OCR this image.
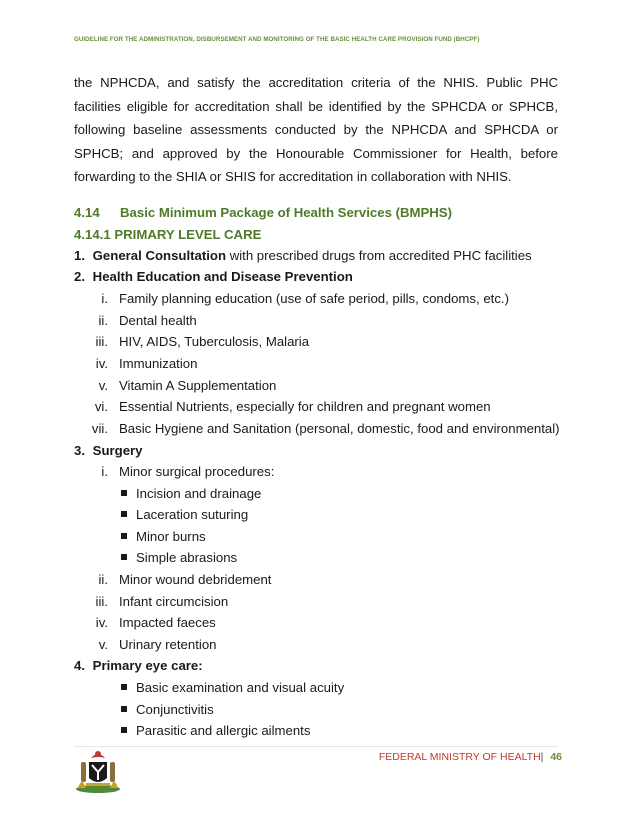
GUIDELINE FOR THE ADMINISTRATION, DISBURSEMENT AND MONITORING OF THE BASIC HEALTH CARE PROVISION FUND (BHCPF)
the NPHCDA, and satisfy the accreditation criteria of the NHIS. Public PHC facilities eligible for accreditation shall be identified by the SPHCDA or SPHCB, following baseline assessments conducted by the NPHCDA and SPHCDA or SPHCB; and approved by the Honourable Commissioner for Health, before forwarding to the SHIA or SHIS for accreditation in collaboration with NHIS.
4.14 Basic Minimum Package of Health Services (BMPHS)
4.14.1 PRIMARY LEVEL CARE
1. General Consultation with prescribed drugs from accredited PHC facilities
2. Health Education and Disease Prevention
i. Family planning education (use of safe period, pills, condoms, etc.)
ii. Dental health
iii. HIV, AIDS, Tuberculosis, Malaria
iv. Immunization
v. Vitamin A Supplementation
vi. Essential Nutrients, especially for children and pregnant women
vii. Basic Hygiene and Sanitation (personal, domestic, food and environmental)
3. Surgery
i. Minor surgical procedures:
Incision and drainage
Laceration suturing
Minor burns
Simple abrasions
ii. Minor wound debridement
iii. Infant circumcision
iv. Impacted faeces
v. Urinary retention
4. Primary eye care:
Basic examination and visual acuity
Conjunctivitis
Parasitic and allergic ailments
FEDERAL MINISTRY OF HEALTH| 46
